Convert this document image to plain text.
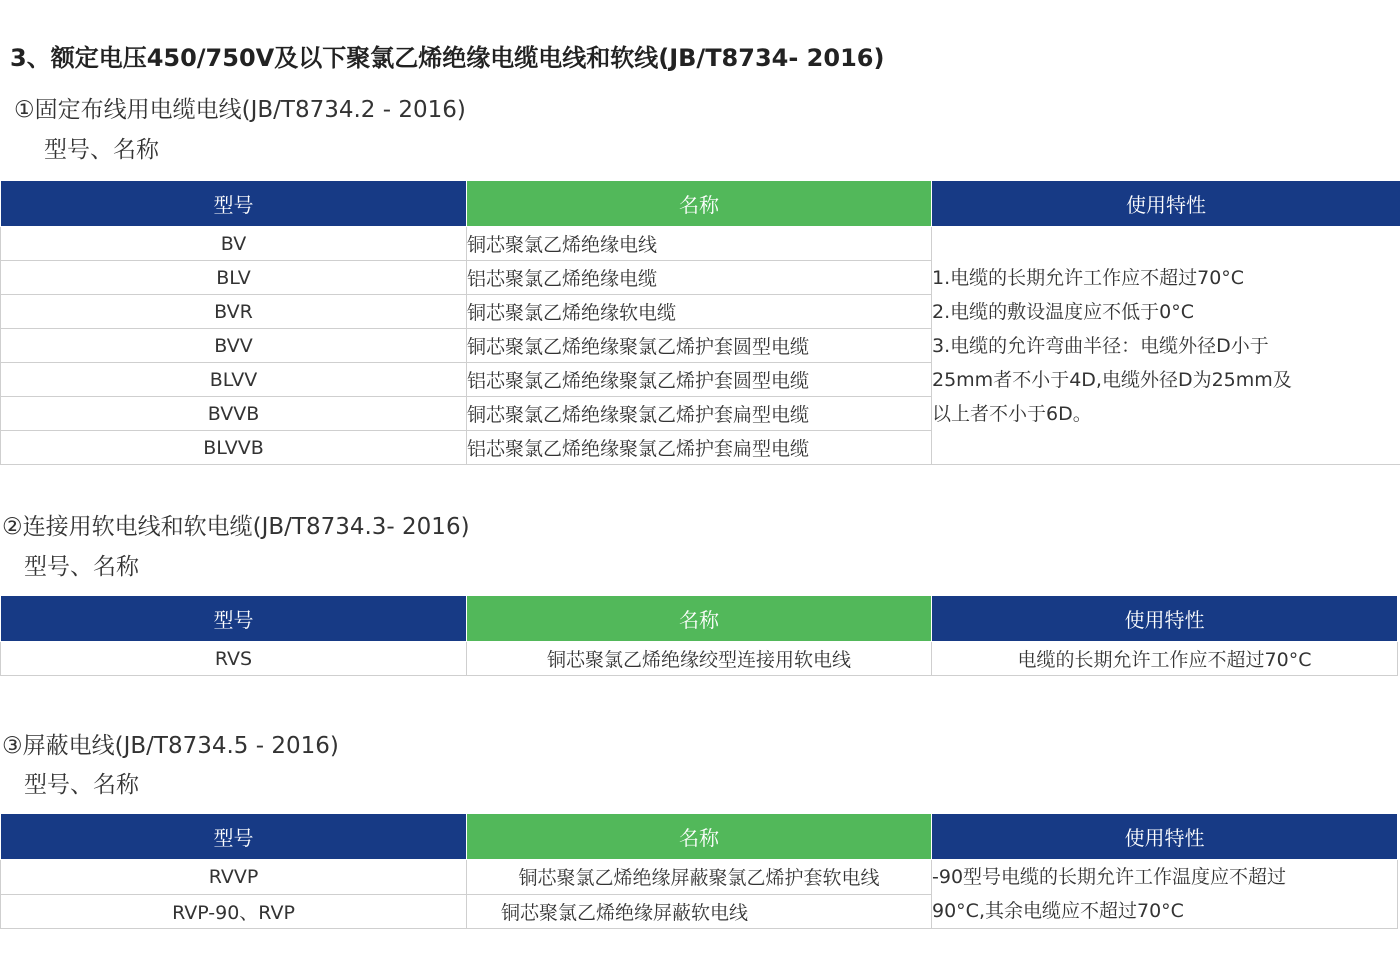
3、额定电压450/750V及以下聚氯乙烯绝缘电缆电线和软线(JB/T8734- 2016)
①固定布线用电缆电线(JB/T8734.2 - 2016)
型号、名称
型号	名称	使用特性
BV	铜芯聚氯乙烯绝缘电线	1.电缆的长期允许工作应不超过70°C
2.电缆的敷设温度应不低于0°C
3.电缆的允许弯曲半径：电缆外径D小于
25mm者不小于4D,电缆外径D为25mm及
以上者不小于6D。

BLV	铝芯聚氯乙烯绝缘电缆	
BVR	铜芯聚氯乙烯绝缘软电缆	
BVV	铜芯聚氯乙烯绝缘聚氯乙烯护套圆型电缆	
BLVV	铝芯聚氯乙烯绝缘聚氯乙烯护套圆型电缆	
BVVB	铜芯聚氯乙烯绝缘聚氯乙烯护套扁型电缆	
BLVVB	铝芯聚氯乙烯绝缘聚氯乙烯护套扁型电缆	
②连接用软电线和软电缆(JB/T8734.3- 2016)
型号、名称
型号	名称	使用特性
RVS	铜芯聚氯乙烯绝缘绞型连接用软电线	电缆的长期允许工作应不超过70°C
③屏蔽电线(JB/T8734.5 - 2016)
型号、名称
型号	名称	使用特性
RVVP	铜芯聚氯乙烯绝缘屏蔽聚氯乙烯护套软电线	-90型号电缆的长期允许工作温度应不超过
90°C,其余电缆应不超过70°C

RVP-90、RVP	铜芯聚氯乙烯绝缘屏蔽软电线	
